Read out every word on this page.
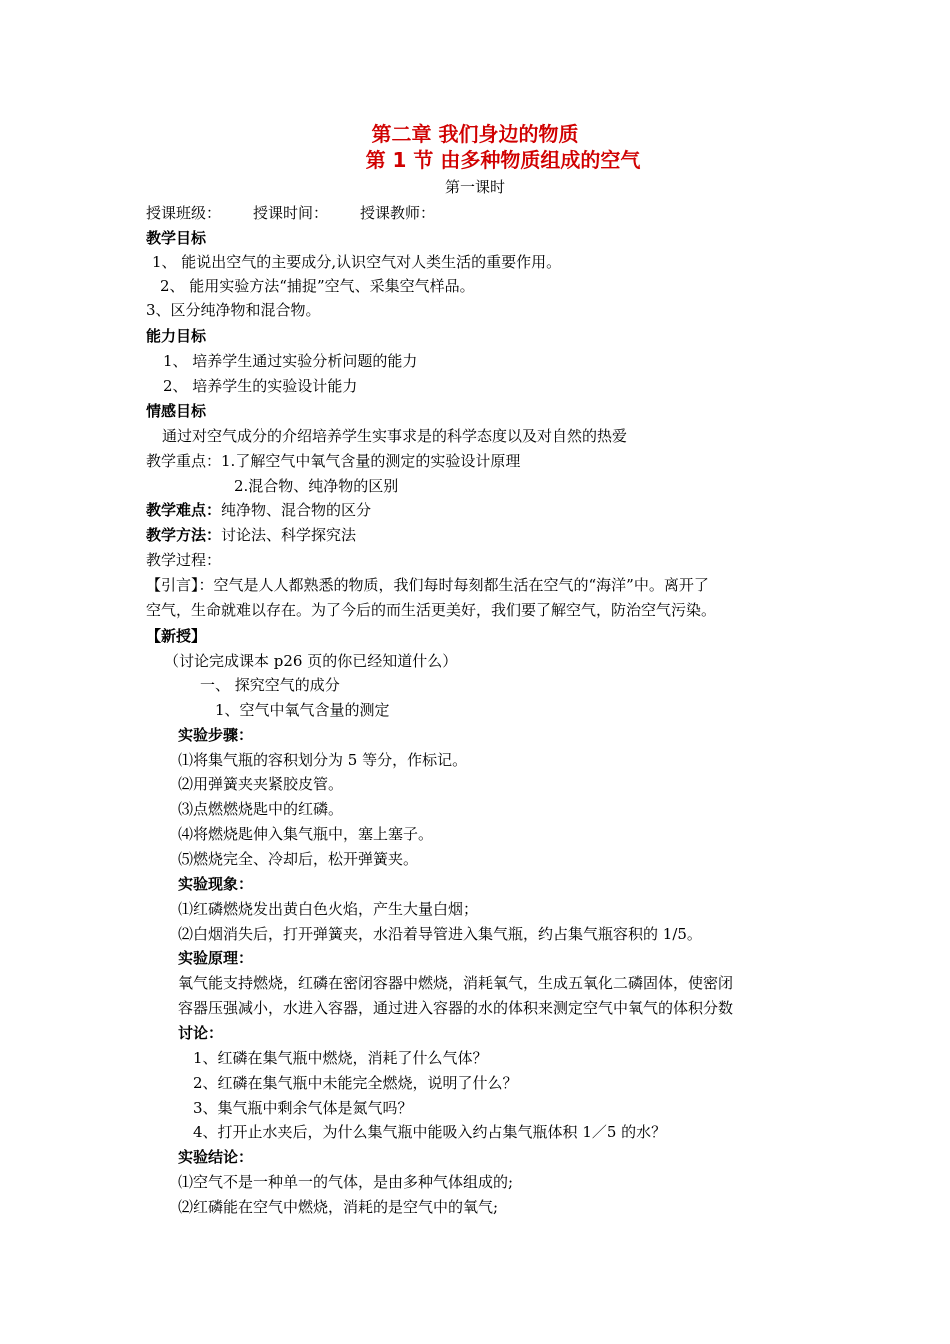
第二章 我们身边的物质
第 1 节 由多种物质组成的空气
第一课时
授课班级： 授课时间： 授课教师：
教学目标
1、 能说出空气的主要成分,认识空气对人类生活的重要作用。
2、 能用实验方法“捕捉”空气、采集空气样品。
3、区分纯净物和混合物。
能力目标
1、 培养学生通过实验分析问题的能力
2、 培养学生的实验设计能力
情感目标
通过对空气成分的介绍培养学生实事求是的科学态度以及对自然的热爱
教学重点：1.了解空气中氧气含量的测定的实验设计原理
2.混合物、纯净物的区别
教学难点：纯净物、混合物的区分
教学方法：讨论法、科学探究法
教学过程：
【引言】：空气是人人都熟悉的物质，我们每时每刻都生活在空气的“海洋”中。离开了
空气，生命就难以存在。为了今后的而生活更美好，我们要了解空气，防治空气污染。
【新授】
（讨论完成课本 p26 页的你已经知道什么）
一、 探究空气的成分
1、空气中氧气含量的测定
实验步骤：
⑴将集气瓶的容积划分为 5 等分，作标记。
⑵用弹簧夹夹紧胶皮管。
⑶点燃燃烧匙中的红磷。
⑷将燃烧匙伸入集气瓶中，塞上塞子。
⑸燃烧完全、冷却后，松开弹簧夹。
实验现象：
⑴红磷燃烧发出黄白色火焰，产生大量白烟；
⑵白烟消失后，打开弹簧夹，水沿着导管进入集气瓶，约占集气瓶容积的 1/5。
实验原理：
氧气能支持燃烧，红磷在密闭容器中燃烧，消耗氧气，生成五氧化二磷固体，使密闭
容器压强减小，水进入容器，通过进入容器的水的体积来测定空气中氧气的体积分数
讨论：
1、红磷在集气瓶中燃烧，消耗了什么气体？
2、红磷在集气瓶中未能完全燃烧，说明了什么？
3、集气瓶中剩余气体是氮气吗？
4、打开止水夹后，为什么集气瓶中能吸入约占集气瓶体积 1／5 的水？
实验结论：
⑴空气不是一种单一的气体，是由多种气体组成的;
⑵红磷能在空气中燃烧，消耗的是空气中的氧气;
